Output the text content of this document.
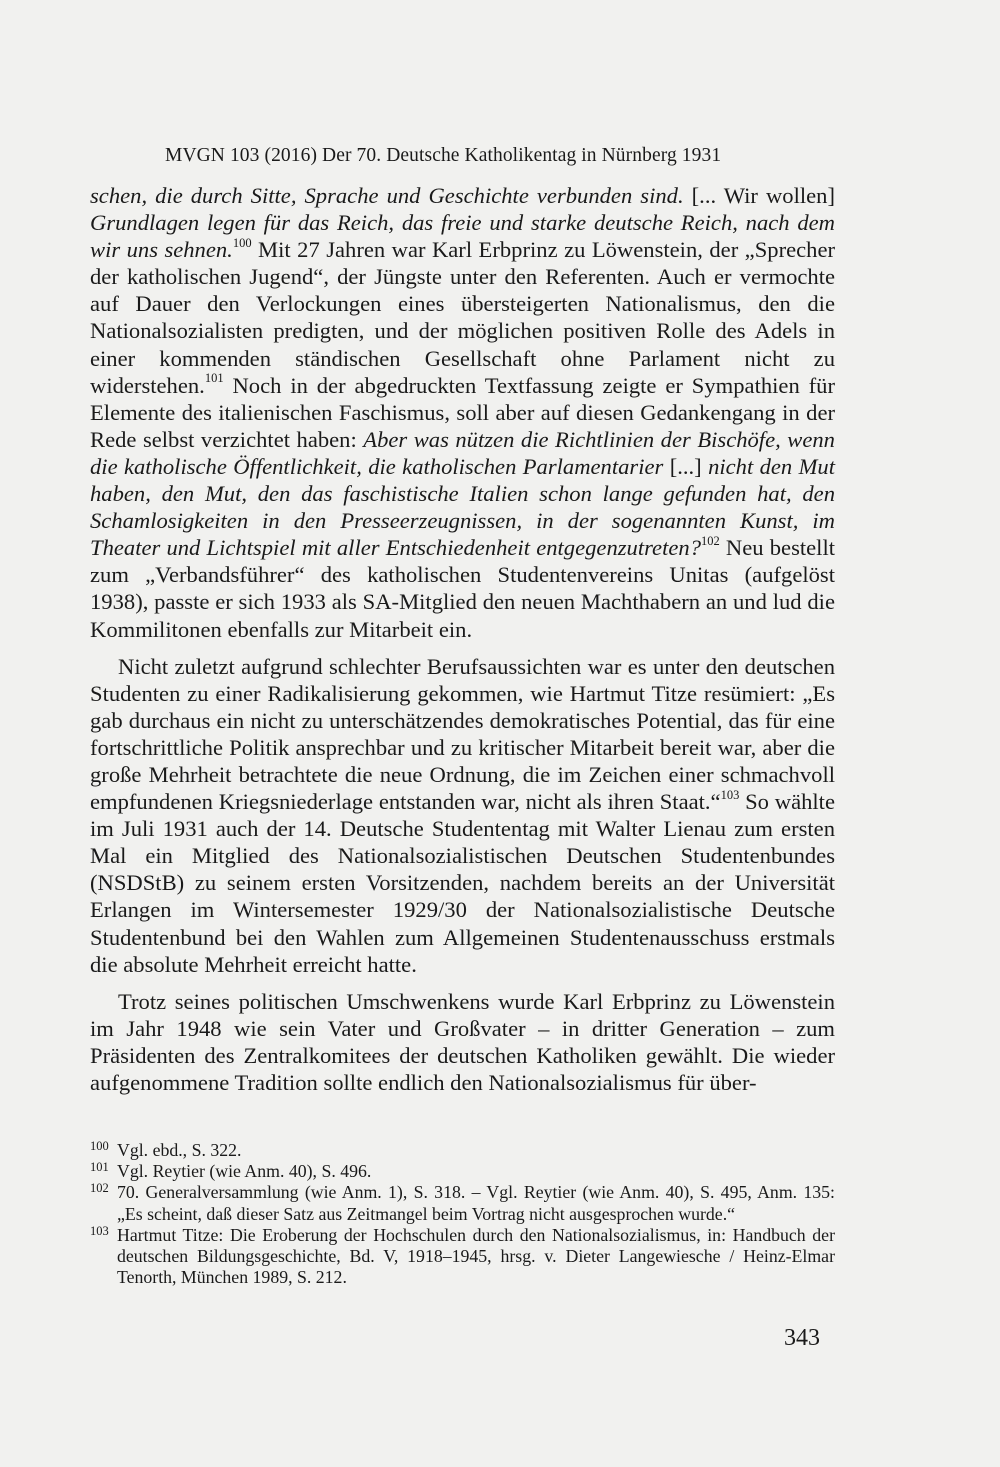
MVGN 103 (2016) Der 70. Deutsche Katholikentag in Nürnberg 1931

schen, die durch Sitte, Sprache und Geschichte verbunden sind. [... Wir wollen] Grundlagen legen für das Reich, das freie und starke deutsche Reich, nach dem wir uns sehnen.$^{100}$ Mit 27 Jahren war Karl Erbprinz zu Löwenstein, der „Sprecher der katholischen Jugend“, der Jüngste unter den Referenten. Auch er vermochte auf Dauer den Verlockungen eines übersteigerten Nationalismus, den die Nationalsozialisten predigten, und der möglichen positiven Rolle des Adels in einer kommenden ständischen Gesellschaft ohne Parlament nicht zu widerstehen.$^{101}$ Noch in der abgedruckten Textfassung zeigte er Sympathien für Elemente des italienischen Faschismus, soll aber auf diesen Gedankengang in der Rede selbst verzichtet haben: Aber was nützen die Richtlinien der Bischöfe, wenn die katholische Öffentlichkeit, die katholischen Parlamentarier [...] nicht den Mut haben, den Mut, den das faschistische Italien schon lange gefunden hat, den Schamlosigkeiten in den Presseerzeugnissen, in der sogenannten Kunst, im Theater und Lichtspiel mit aller Entschiedenheit entgegenzutreten?$^{102}$ Neu bestellt zum „Verbandsführer“ des katholischen Studentenvereins Unitas (aufgelöst 1938), passte er sich 1933 als SA-Mitglied den neuen Machthabern an und lud die Kommilitonen ebenfalls zur Mitarbeit ein.

Nicht zuletzt aufgrund schlechter Berufsaussichten war es unter den deutschen Studenten zu einer Radikalisierung gekommen, wie Hartmut Titze resümiert: „Es gab durchaus ein nicht zu unterschätzendes demokratisches Potential, das für eine fortschrittliche Politik ansprechbar und zu kritischer Mitarbeit bereit war, aber die große Mehrheit betrachtete die neue Ordnung, die im Zeichen einer schmachvoll empfundenen Kriegsniederlage entstanden war, nicht als ihren Staat.“$^{103}$ So wählte im Juli 1931 auch der 14. Deutsche Studententag mit Walter Lienau zum ersten Mal ein Mitglied des Nationalsozialistischen Deutschen Studentenbundes (NSDStB) zu seinem ersten Vorsitzenden, nachdem bereits an der Universität Erlangen im Wintersemester 1929/30 der Nationalsozialistische Deutsche Studentenbund bei den Wahlen zum Allgemeinen Studentenausschuss erstmals die absolute Mehrheit erreicht hatte.

Trotz seines politischen Umschwenkens wurde Karl Erbprinz zu Löwenstein im Jahr 1948 wie sein Vater und Großvater – in dritter Generation – zum Präsidenten des Zentralkomitees der deutschen Katholiken gewählt. Die wieder aufgenommene Tradition sollte endlich den Nationalsozialismus für über-

100 Vgl. ebd., S. 322.
101 Vgl. Reytier (wie Anm. 40), S. 496.
102 70. Generalversammlung (wie Anm. 1), S. 318. – Vgl. Reytier (wie Anm. 40), S. 495, Anm. 135: „Es scheint, daß dieser Satz aus Zeitmangel beim Vortrag nicht ausgesprochen wurde.“
103 Hartmut Titze: Die Eroberung der Hochschulen durch den Nationalsozialismus, in: Handbuch der deutschen Bildungsgeschichte, Bd. V, 1918–1945, hrsg. v. Dieter Langewiesche / Heinz-Elmar Tenorth, München 1989, S. 212.
343
